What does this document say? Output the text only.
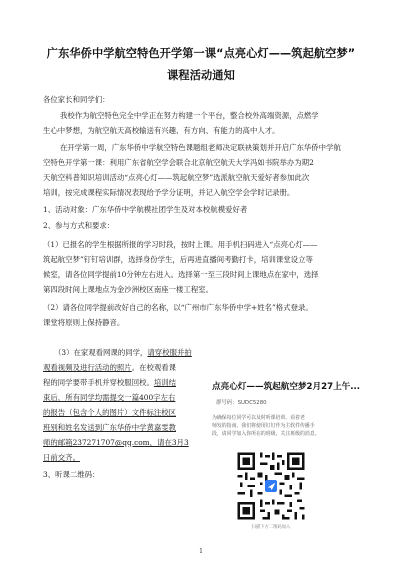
广东华侨中学航空特色开学第一课“点亮心灯——筑起航空梦”
课程活动通知
各位家长和同学们：
我校作为航空特色完全中学正在努力构建一个平台，整合校外高端资源，点燃学
生心中梦想，为航空航天高校输送有兴趣、有方向、有能力的高中人才。
在开学第一周，广东华侨中学航空特色课题组老师决定联袂策划并开启广东华侨中学航
空特色开学第一课：利用广东省航空学会联合北京航空航天大学冯如书院举办为期2
天航空科普知识培训活动“点亮心灯——筑起航空梦”选派航空航天爱好者参加此次
培训，按完成课程实际情况表现给予学分证明，并记入航空学会学时记录册。
1、活动对象：广东华侨中学航模社团学生及对本校航模爱好者
2、参与方式和要求：
（1）已报名的学生根据所报的学习时段，按时上课。用手机扫码进入“点亮心灯——
筑起航空梦”钉钉培训群，选择身份学生，后再进直播间考勤打卡，培训课堂设立等
候室，请各位同学提前10分钟左右进入。选择第一至三段时间上课地点在家中，选择
第四段时间上课地点为金沙洲校区南座一楼工程室。
（2）请各位同学提前改好自己的名称，以“广州市广东华侨中学+姓名”格式登录。
课堂将原则上保持静音。
（3）在家观看网课的同学，请穿校服并拍
观看视频及进行活动的照片。在校观看课
程的同学要带手机并穿校服回校。培训结
束后，所有同学均需提交一篇400字左右
的报告（包含个人的图片）文件标注校区
班别和姓名发送到广东华侨中学黄嘉雯教
师的邮箱237271707@qq.com，请在3月3
日前交齐。
3、听课二维码：
点亮心灯——筑起航空梦2月27上午...
群号码：SUDC5280
为确保每位同学可以及时听课培训、看着老
师发的指南、我们将使用钉钉作为主软件传播手
段，请同学加入你所在的班级，关注班级的消息。
扫描下方二维码加入
1
